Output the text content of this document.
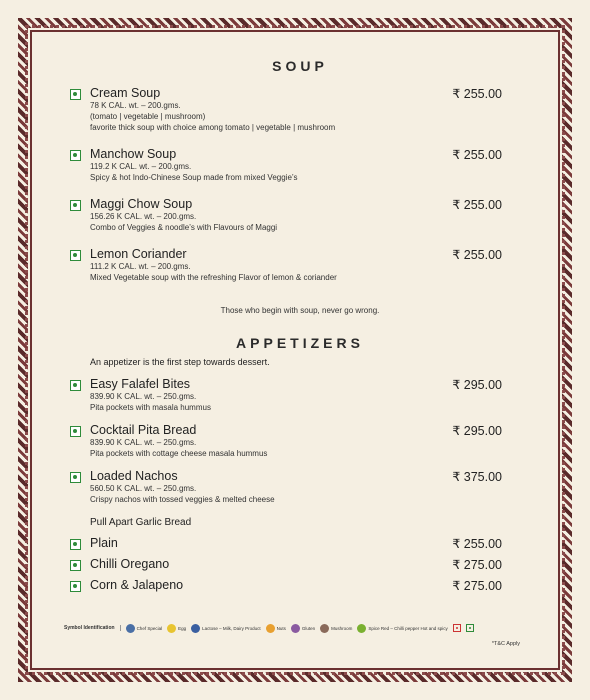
SOUP
Cream Soup	₹ 255.00
78 K CAL. wt. – 200.gms.
(tomato | vegetable | mushroom)
favorite thick soup with choice among tomato | vegetable | mushroom
Manchow Soup	₹ 255.00
119.2 K CAL. wt. – 200.gms.
Spicy & hot Indo-Chinese Soup made from mixed Veggie’s
Maggi Chow Soup	₹ 255.00
156.26 K CAL. wt. – 200.gms.
Combo of Veggies & noodle’s with Flavours of Maggi
Lemon Coriander	₹ 255.00
111.2 K CAL. wt. – 200.gms.
Mixed Vegetable soup with the refreshing Flavor of lemon & coriander
Those who begin with soup, never go wrong.
APPETIZERS
An appetizer is the first step towards dessert.
Easy Falafel Bites	₹ 295.00
839.90 K CAL. wt. – 250.gms.
Pita pockets with masala hummus
Cocktail Pita Bread	₹ 295.00
839.90 K CAL. wt. – 250.gms.
Pita pockets with cottage cheese masala hummus
Loaded Nachos	₹ 375.00
560.50 K CAL. wt. – 250.gms.
Crispy nachos with tossed veggies & melted cheese
Pull Apart Garlic Bread
Plain	₹ 255.00
Chilli Oregano	₹ 275.00
Corn & Jalapeno	₹ 275.00
Symbol Identification	Chef Special	Egg	Lactose – Milk, Dairy Product	Nuts	Gluten	Mushroom	Spice Red – Chilli pepper Hot and spicy
*T&C Apply
